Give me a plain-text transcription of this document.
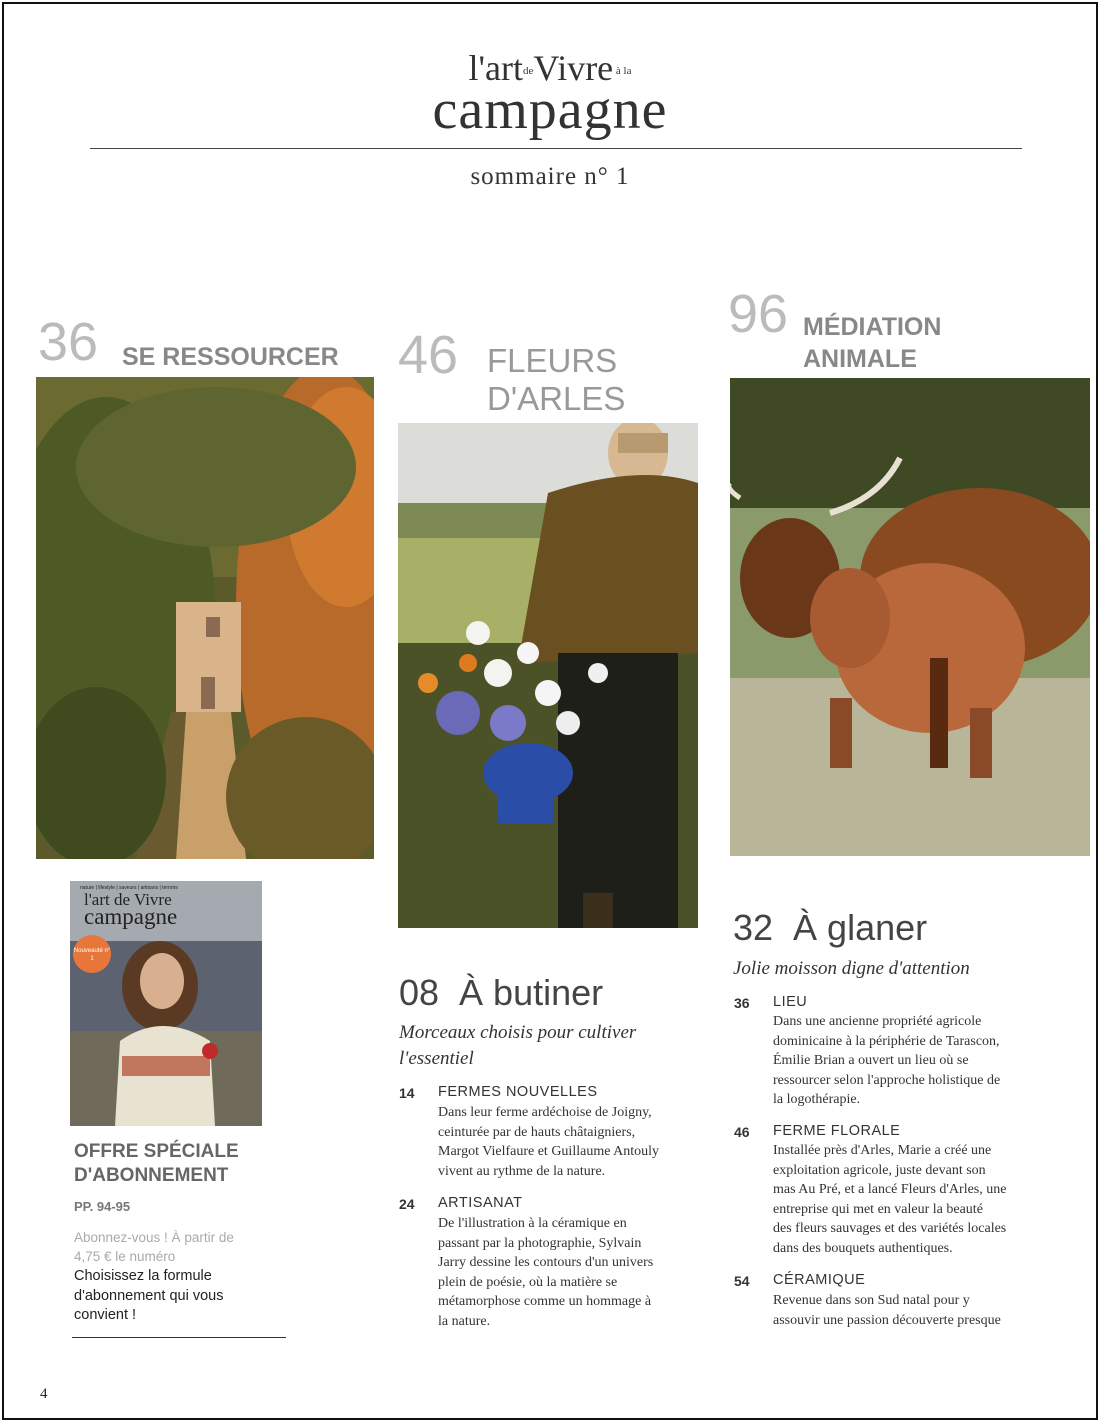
l'artdeVivre à la
campagne
sommaire n° 1
36 SE RESSOURCER 46 FLEURS
D'ARLES
96 MÉDIATION
ANIMALE
nature | lifestyle | saveurs | artisans | terroirs
l'art de Vivre
campagne
Nouveauté n° 1
OFFRE SPÉCIALE
D'ABONNEMENT
PP. 94-95
Abonnez-vous ! À partir de
4,75 € le numéro
Choisissez la formule
d'abonnement qui vous
convient !
08  À butiner
Morceaux choisis pour cultiver
l'essentiel
14 FERMES NOUVELLES
Dans leur ferme ardéchoise de Joigny,
ceinturée par de hauts châtaigniers,
Margot Vielfaure et Guillaume Antouly
vivent au rythme de la nature.
24 ARTISANAT
De l'illustration à la céramique en
passant par la photographie, Sylvain
Jarry dessine les contours d'un univers
plein de poésie, où la matière se
métamorphose comme un hommage à
la nature.
32  À glaner
Jolie moisson digne d'attention
36 LIEU
Dans une ancienne propriété agricole
dominicaine à la périphérie de Tarascon,
Émilie Brian a ouvert un lieu où se
ressourcer selon l'approche holistique de
la logothérapie.
46 FERME FLORALE
Installée près d'Arles, Marie a créé une
exploitation agricole, juste devant son
mas Au Pré, et a lancé Fleurs d'Arles, une
entreprise qui met en valeur la beauté
des fleurs sauvages et des variétés locales
dans des bouquets authentiques.
54 CÉRAMIQUE
Revenue dans son Sud natal pour y
assouvir une passion découverte presque
4
